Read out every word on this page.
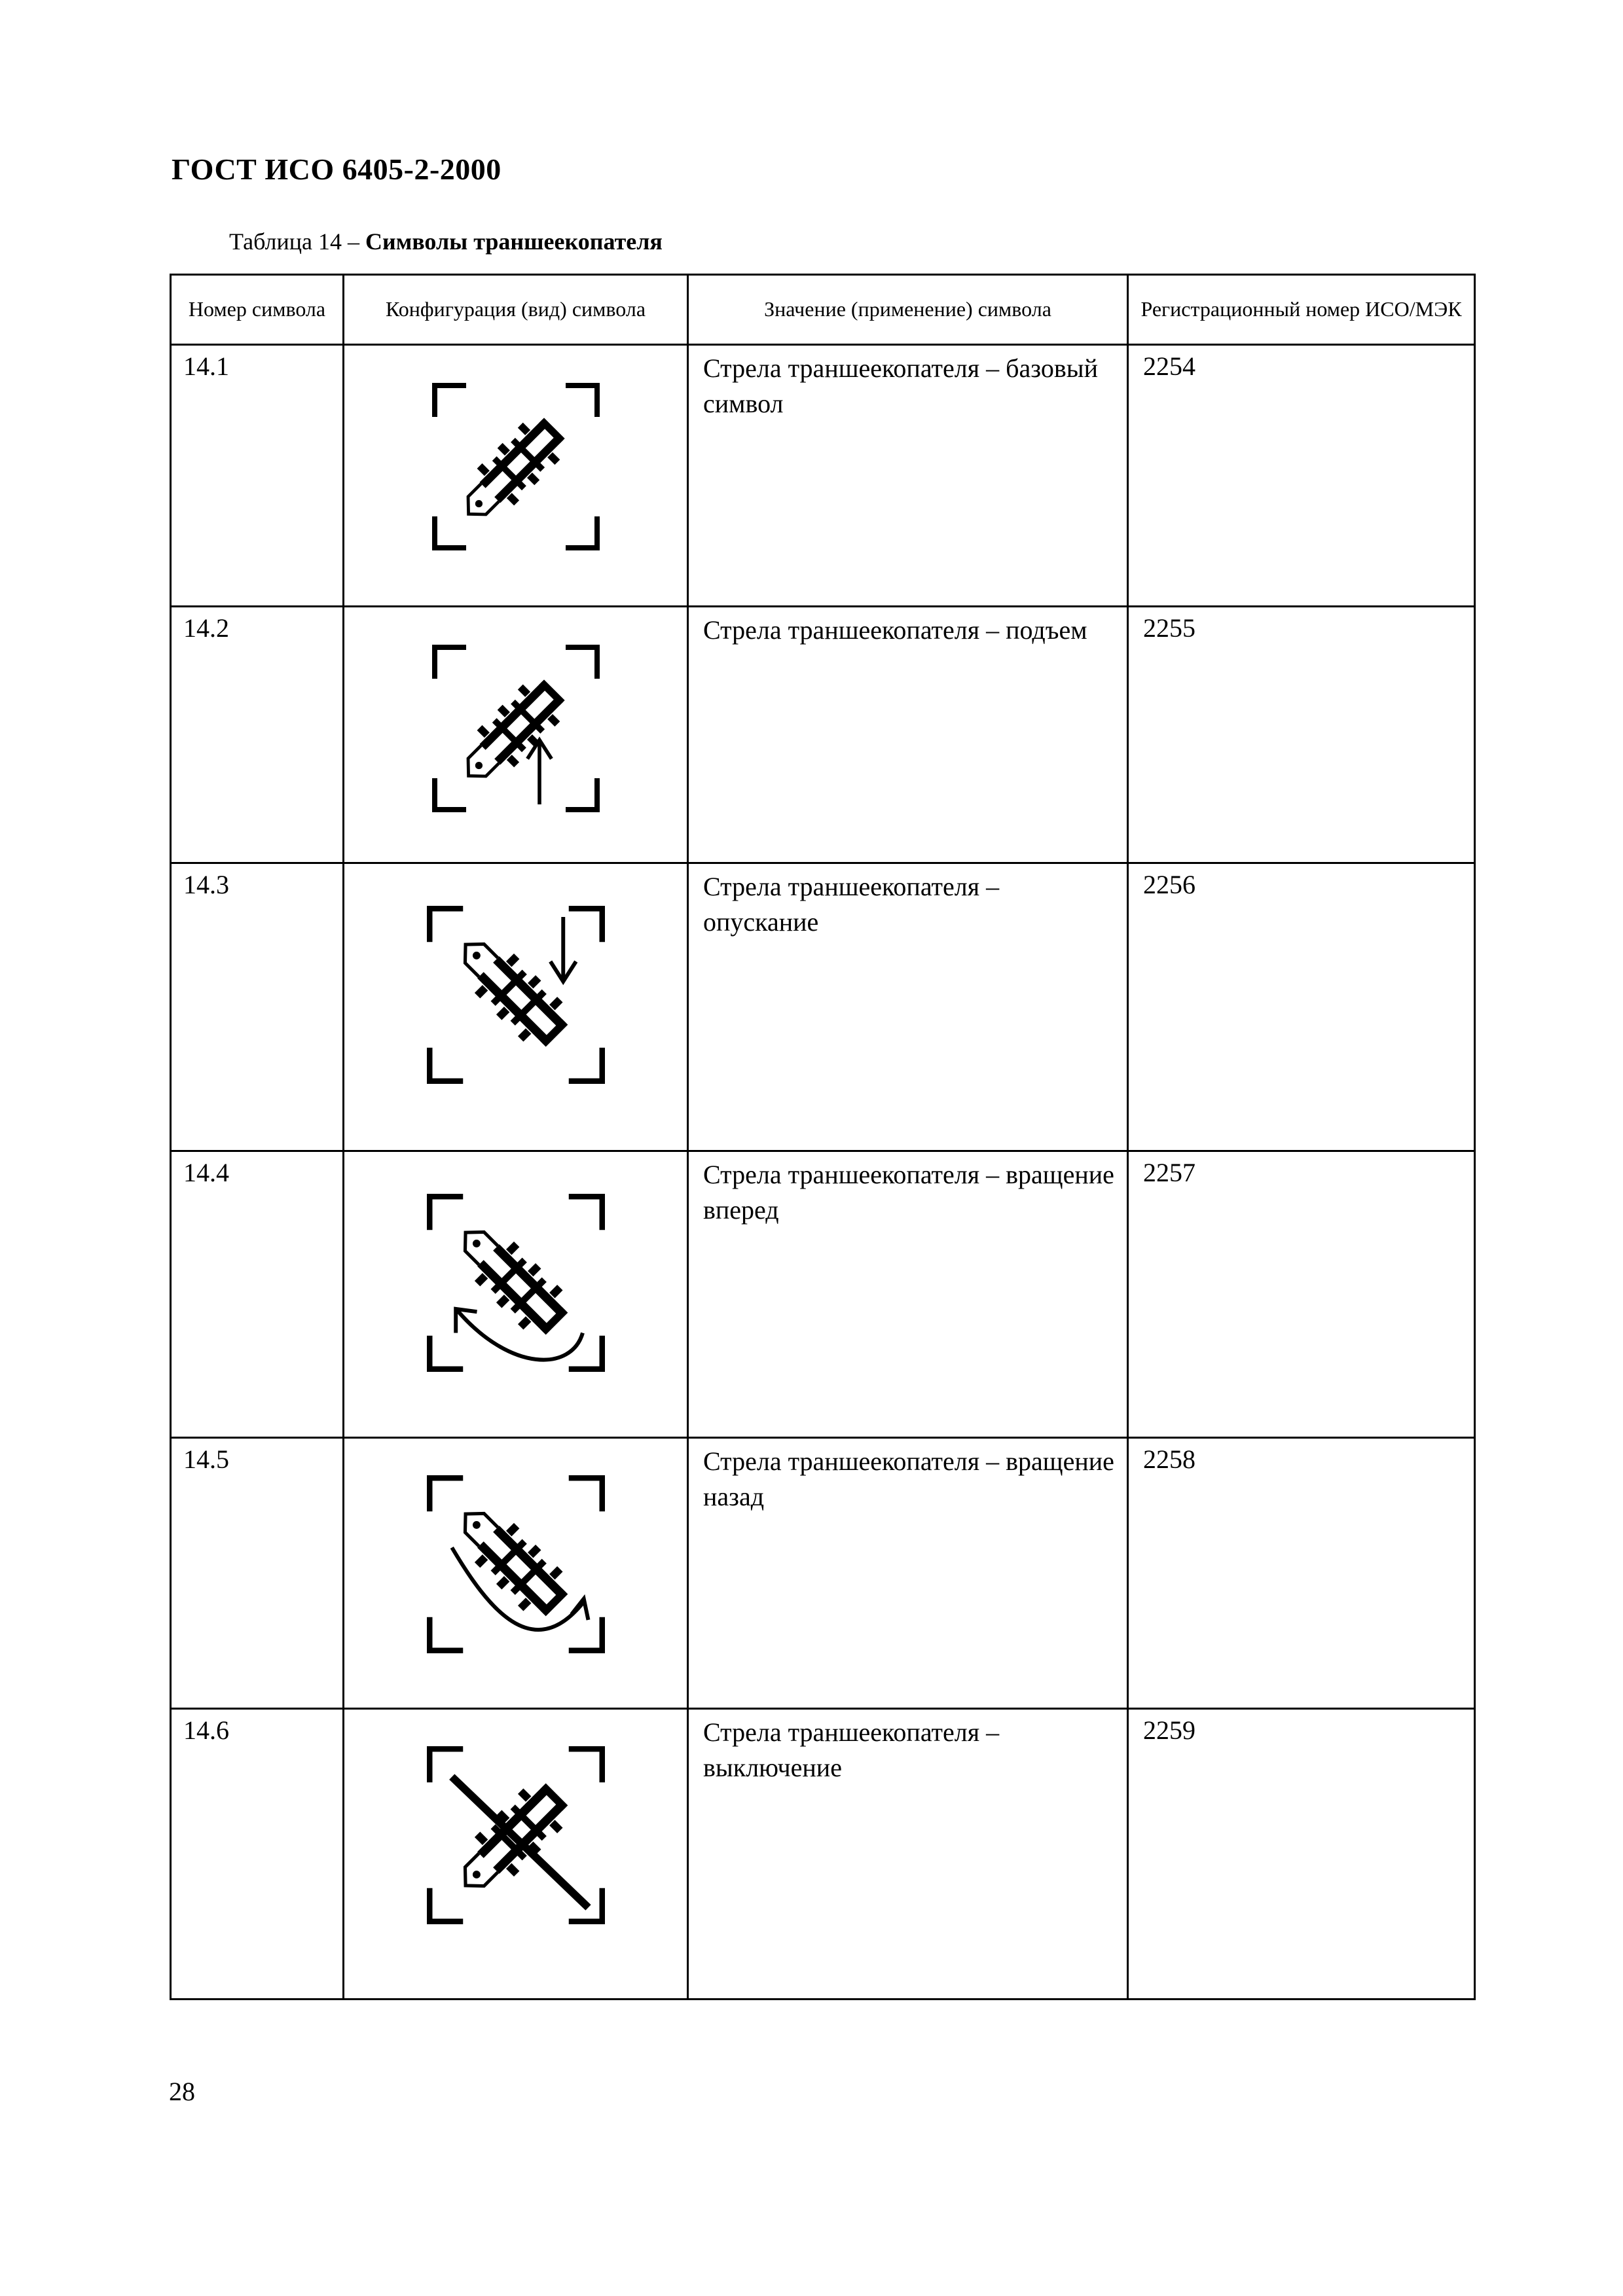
ГОСТ ИСО 6405-2-2000
Таблица 14 – Символы траншеекопателя
Номер символа	Конфигурация (вид) символа	Значение (применение) символа	Регистрационный номер ИСО/МЭК
14.1		Стрела траншеекопателя – базовый символ	2254
14.2		Стрела траншеекопателя – подъем	2255
14.3		Стрела траншеекопателя – опускание	2256
14.4		Стрела траншеекопателя – вращение вперед	2257
14.5		Стрела траншеекопателя – вращение назад	2258
14.6		Стрела траншеекопателя – выключение	2259
28
